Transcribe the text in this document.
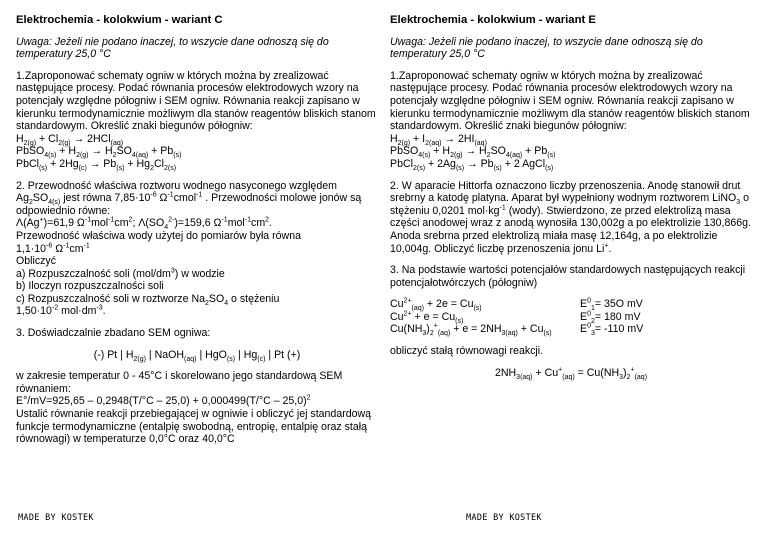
Elektrochemia - kolokwium - wariant C
Uwaga: Jeżeli nie podano inaczej, to wszycie dane odnoszą się do temperatury 25,0 °C

1.Zaproponować schematy ogniw w których można by zrealizować następujące procesy. Podać równania procesów elektrodowych wzory na potencjały względne półogniw i SEM ogniw. Równania reakcji zapisano w kierunku termodynamicznie możliwym dla stanów reagentów bliskich stanom standardowym. Określić znaki biegunów półogniw:

$H_{2(g)} + Cl_{2(g)} \to 2HCl_{(aq)}$

PbSO$_{4(s)}$ + $H_{2(g)} \to H_2SO_{4(aq)} + Pb_{(s)}$

PbCl$_{(s)}$ + $2Hg_{(c)} \to Pb_{(s)} + Hg_2Cl_{2(s)}$

2. Przewodność właściwa roztworu wodnego nasyconego względem
$Ag_2SO_{4(s)}$ jest równa $7,85\cdot 10^{-6}$ $\Omega^{-1}cmol^{-1}$ . Przewodności molowe jonów są odpowiednio równe:
Λ(Ag+)=61,9 $\Omega^{-1}mol^{-1}cm^2$; $\Lambda(SO_4^{2-})=159,6$ $\Omega^{-1}mol^{-1}cm^2$.

Przewodność właściwa wody użytej do pomiarów była równa
$1,1\cdot 10^{-6}$ $\Omega^{-1}cm^{-1}$

Obliczyć

a) Rozpuszczalność soli $(mol/dm^3)$ w wodzie

b) Iloczyn rozpuszczalności soli

c) Rozpuszczalność soli w roztworze $Na_2SO_4$ o stężeniu
$1,50\cdot 10^{-2}$ $mol\cdot dm^{-3}$.

3. Doświadczalnie zbadano SEM ogniwa:

(-) Pt | $H_{2(g)}$ | NaOH$_{(aq)}$ | HgO$_{(s)}$ | $Hg_{(c)}$ | Pt (+)

w zakresie temperatur 0 - 45°C i skorelowano jego standardową SEM równaniem:

E°/mV=925,65 – 0,2948(T/°C – 25,0) + 0,000499(T/°C – 25,0)$^2$

Ustalić równanie reakcji przebiegającej w ogniwie i obliczyć jej standardową funkcje termodynamiczne (entalpię swobodną, entropię, entalpię oraz stałą równowagi) w temperaturze 0,0°C oraz 40,0°C

Elektrochemia - kolokwium - wariant E
Uwaga: Jeżeli nie podano inaczej, to wszycie dane odnoszą się do temperatury 25,0 °C

1.Zaproponować schematy ogniw w których można by zrealizować następujące procesy. Podać równania procesów elektrodowych wzory na potencjały względne półogniw i SEM ogniw. Równania reakcji zapisano w kierunku termodynamicznie możliwym dla stanów reagentów bliskich stanom standardowym. Określić znaki biegunów półogniw:

$H_{2(g)} + I_{2(aq)} \to 2HI_{(aq)}$

PbSO$_{4(s)}$ + $H_{2(g)} \to H_2SO_{4(aq)} + Pb_{(s)}$

PbCl$_{2(s)}$ + $2Ag_{(s)} \to Pb_{(s)} + 2$ AgCl$_{(s)}$

2. W aparacie Hittorfa oznaczono liczby przenoszenia. Anodę stanowił drut srebrny a katodę platyna. Aparat był wypełniony wodnym roztworem LiNO$_3$ o stężeniu 0,0201 $mol\cdot kg^{-1}$ (wody). Stwierdzono, ze przed elektrolizą masa części anodowej wraz z anodą wynosiła 130,002g a po elektrolizie 130,866g. Anoda srebrna przed elektrolizą miała masę 12,164g, a po elektrolizie 10,004g. Obliczyć liczbę przenoszenia jonu Li+.

3. Na podstawie wartości potencjałów standardowych następujących reakcji potencjałotwórczych (półogniw)

$Cu^{2+}_{(aq)} + 2e = Cu_{(s)}$	$E^0_1= 35O$ mV
$Cu^{2+} + e = Cu_{(s)}$	$E^0_2= 180$ mV
$Cu(NH_3)_2^+_{(aq)} + e = 2NH_{3(aq)} + Cu_{(s)}$	$E^0_3= -110$ mV

obliczyć stałą równowagi reakcji.

$2NH_{3(aq)} + Cu^+_{(aq)} = Cu(NH_3)_2^+_{(aq)}$

MADE BY KOSTEK	MADE BY KOSTEK
